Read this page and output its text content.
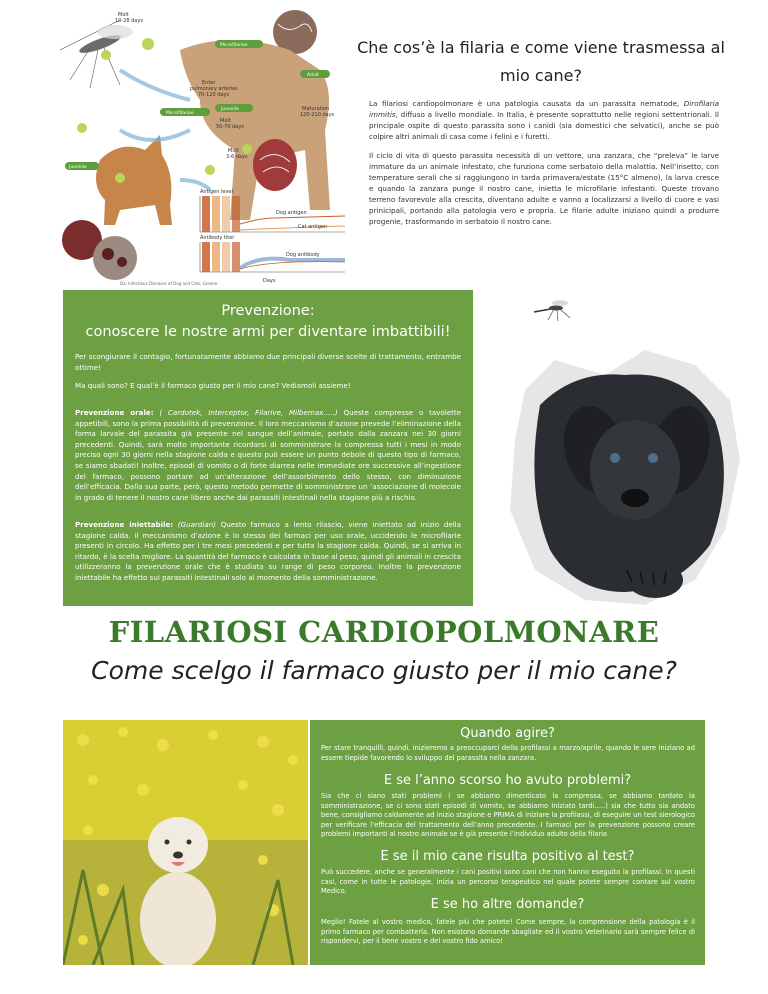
Microfilariae
Adult
Microfilariae
Juvenile
Juvenile
Molt
10-28 days
Enter
pulmonary arteries
70-120 days
Molt
50-70 days
Maturation
120-210 days
Molt
3-6 days
Antigen level
Dog antigen
Cat antigen
Antibody titer
Dog antibody
Days
Da: Infectious Diseases of Dog and Cats, Greene
Che cos’è la filaria e come viene trasmessa al
mio cane?
La filariosi cardiopolmonare è una patologia causata da un parassita nematode, Dirofilaria immitis, diffuso a livello mondiale. In Italia, è presente soprattutto nelle regioni settentrionali. Il principale ospite di questo parassita sono i canidi (sia domestici che selvatici), anche se può colpire altri animali di casa come i felini e i furetti.
Il ciclo di vita di questo parassita necessità di un vettore, una zanzara, che “preleva” le larve immature da un animale infestato, che funziona come serbatoio della malattia. Nell’insetto, con temperature serali che si raggiungono in tarda primavera/estate (15°C almeno), la larva cresce e quando la zanzara punge il nostro cane, inietta le microfilarie infestanti. Queste trovano terreno favorevole alla crescita, diventano adulte e vanno a localizzarsi a livello di cuore e vasi prinicipali, portando alla patologia vero e propria. Le filarie adulte iniziano quindi a produrre progenie, trasformando in serbatoio il nostro cane.
Prevenzione:
conoscere le nostre armi per diventare imbattibili!
Per scongiurare il contagio, fortunatamente abbiamo due principali diverse scelte di trattamento, entrambe ottime!
Ma quali sono? E qual’è il farmaco giusto per il mio cane? Vediamoli assieme!
Prevenzione orale: ( Cardotek, Interceptor, Filarive, Milbemax…..) Queste compresse o tavolette appetibili, sono la prima possibilità di prevenzione. Il loro meccanismo d’azione prevede l’eliminazione della forma larvale del parassita già presente nel sangue dell’animale, portato dalla zanzara nei 30 giorni precedenti. Quindi, sarà molto importante ricordarsi di somministrare la compressa tutti i mesi in modo preciso ogni 30 giorni nella stagione calda e questo può essere un punto debole di questo tipo di farmaco, se siamo sbadati! Inoltre, episodi di vomito o di forte diarrea nelle immediate ore successive all’ingestione del farmaco, possono portare ad un’alterazione dell’assorbimento dello stesso, con diminuzione dell’efficacia. Dalla sua parte, però, questo metodo permette di somministrare un ‘associazione di molecole in grado di tenere il nostro cane libero anche dai parassiti intestinali nella stagione più a rischio.
Prevenzione iniettabile: (Guardian) Questo farmaco a lento rilascio, viene iniettato ad inizio della stagione calda. il meccanismo d’azione è lo stesso dei farmaci per uso orale, uccidendo le microfilarie presenti in circolo. Ha effetto per i tre mesi precedenti e per tutta la stagione calda. Quindi, se si arriva in ritardo, è la scelta migliore. La quantità del farmaco è calcolata in base al peso, quindi gli animali in crescita utilizzeranno la prevenzione orale che è studiata su range di peso corporeo. Inoltre la prevenzione iniettabile ha effetto sui parassiti intestinali solo al momento della somministrazione.
FILARIOSI CARDIOPOLMONARE
Come scelgo il farmaco giusto per il mio cane?
Quando agire?
Per stare tranquilli, quindi, inizieremo a preoccuparci della profilassi a marzo/aprile, quando le sere iniziano ad essere tiepide favorendo lo sviluppo del parassita nella zanzara.
E se l’anno scorso ho avuto problemi?
Sia che ci siano stati problemi ( se abbiamo dimenticato la compressa, se abbiamo tardato la somministrazione, se ci sono stati episodi di vomito, se abbiamo iniziato tardi…..) sia che tutto sia andato bene, consigliamo caldamente ad inizio stagione e PRIMA di iniziare la profilassi, di eseguire un test sierologico per verificare l’efficacia del trattamento dell’anno precedente. I farmaci per la prevenzione possono creare problemi importanti al nostro animale se è già presente l’individuo adulto della filaria
E se il mio cane risulta positivo al test?
Può succedere, anche se generalmente i cani positivi sono cani che non hanno eseguito la profilassi. In questi casi, come in tutte le patologie, inizia un percorso terapeutico nel quale potete sempre contare sul vostro Medico.
E se ho altre domande?
Meglio! Fatele al vostro medico, fatele più che potete! Come sempre, la comprensione della patologia è il primo farmaco per combatterla. Non esistono domande sbagliate ed il vostro Veterinario sarà sempre felice di rispondervi, per il bene vostro e del vostro fido amico!
